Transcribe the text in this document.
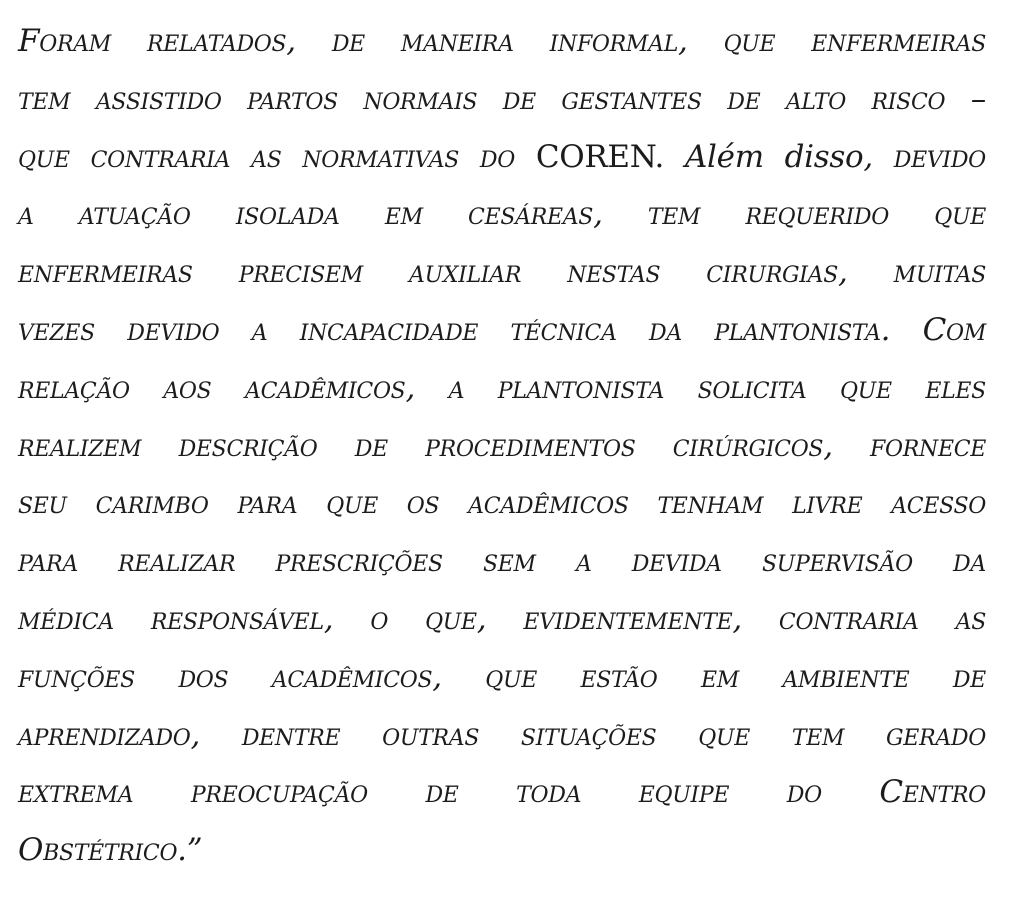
Foram relatados, de maneira informal, que enfermeiras
tem assistido partos normais de gestantes de alto risco –
que contraria as normativas do COREN. Além disso, devido
a atuação isolada em cesáreas, tem requerido que
enfermeiras precisem auxiliar nestas cirurgias, muitas
vezes devido a incapacidade técnica da plantonista. Com
relação aos acadêmicos, a plantonista solicita que eles
realizem descrição de procedimentos cirúrgicos, fornece
seu carimbo para que os acadêmicos tenham livre acesso
para realizar prescrições sem a devida supervisão da
médica responsável, o que, evidentemente, contraria as
funções dos acadêmicos, que estão em ambiente de
aprendizado, dentre outras situações que tem gerado
extrema preocupação de toda equipe do Centro
Obstétrico.”
